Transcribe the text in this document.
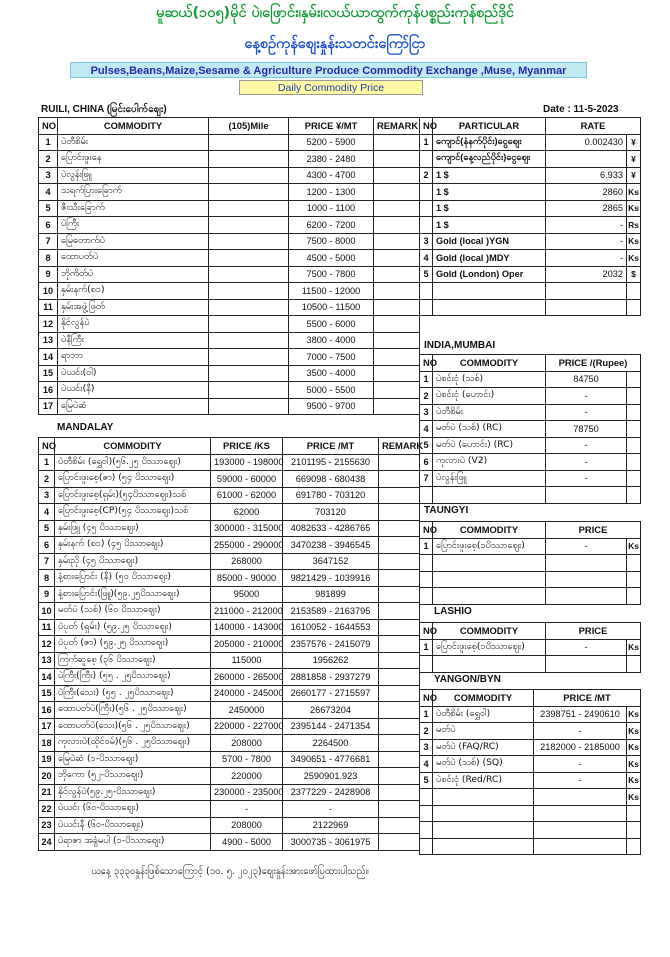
မူဆယ်(၁၀၅)မိုင် ပဲ၊ဖြောင်း၊နှမ်း၊လယ်ယာထွက်ကုန်ပစ္စည်းကုန်စည်ဒိုင်
နေ့စဉ်ကုန်စျေးနှုန်းသတင်းကြော်ငြာ
Pulses,Beans,Maize,Sesame & Agriculture Produce Commodity Exchange ,Muse, Myanmar
Daily Commodity Price
RUILI, CHINA (မြင်းပေါက်စျေး)	Date : 11-5-2023
NO	COMMODITY	(105)Mile	PRICE ¥/MT	REMARK
1	ပဲတီစိမ်း		5200 - 5900	
2	ပြောင်းဖူးနေ		2380 - 2480	
3	ပဲလွန်းဖြူ		4300 - 4700	
4	သရက်ပြားခြောက်		1200 - 1300	
5	ဇီးသီးခြောက်		1000 - 1100	
6	ပဲကြီး		6200 - 7200	
7	မြေတောက်ပဲ		7500 - 8000	
8	ထောပတ်ပဲ		4500 - 5000	
9	ဘိုကိတ်ပဲ		7500 - 7800	
10	နှမ်းနက်(စ၁)		11500 - 12000	
11	နှမ်းအဖွဲ့ဖြတ်		10500 - 11500	
12	နိုင်လွန်ပဲ		5500 - 6000	
13	ပဲနီကြီး		3800 - 4000	
14	ရာဘာ		7000 - 7500	
15	ပဲယင်း(ဝါ)		3500 - 4000	
16	ပဲယင်း(နီ)		5000 - 5500	
17	မြေပဲဆံ		9500 - 9700	
MANDALAY
NO	COMMODITY	PRICE /KS	PRICE /MT	REMARK
1	ပဲတီစိမ်း (ရွှေဝါ)(၅၆.၂၅ ပိဿာစျေး)	193000 - 198000	2101195 - 2155630	
2	ပြောင်းဖူးစေ့(ဇာ) (၅၄ ပိဿာစျေး)	59000 - 60000	669098 - 680438	
3	ပြောင်းဖူးစေ့(ရှမ်း)(၅၄ပိဿာစျေး)သစ်	61000 - 62000	691780 - 703120	
4	ပြောင်းဖူးစေ့(CP)(၅၄ ပိဿာစျေး)သစ်	62000	703120	
5	နှမ်းဖြူ (၄၅ ပိဿာစျေး)	300000 - 315000	4082633 - 4286765	
6	နှမ်းနက် (စ၁) (၄၅ ပိဿာစျေး)	255000 - 290000	3470238 - 3946545	
7	နှမ်းညို (၄၅ ပိဿာစျေး)	268000	3647152	
8	နံ့စားပြောင်း (နီ) (၅၀ ပိဿာစျေး)	85000 - 90000	9821429 - 1039916	
9	နံ့စားပြောင်း(ဖြူ)(၅၉.၂၅ပိဿာစျေး)	95000	981899	
10	မတ်ပဲ (သစ်) (၆၀ ပိဿာစျေး)	211000 - 212000	2153589 - 2163795	
11	ပဲပုတ် (ရှမ်း) (၅၉.၂၅ ပိဿာစျေး)	140000 - 143000	1610052 - 1644553	
12	ပဲပုတ် (ဇာ) (၅၉.၂၅ ပိဿာစျေး)	205000 - 210000	2357576 - 2415079	
13	ကြက်ဆူစေ့ (၃၆ ပိဿာစျေး)	115000	1956262	
14	ပဲကြီး(ကြီး) (၅၅ . ၂၅ပိဿာစျေး)	260000 - 265000	2881858 - 2937279	
15	ပဲကြီး(သေး) (၅၅ . ၂၅ပိဿာစျေး)	240000 - 245000	2660177 - 2715597	
16	ထောပတ်ပဲ(ကြီး)(၅၆ . ၂၅ပိဿာစျေး)	2450000	26673204	
17	ထောပတ်ပဲ(သေး)(၅၆ . ၂၅ပိဿာစျေး)	220000 - 227000	2395144 - 2471354	
18	ကုလားပဲ(ထိုင်ဝမ်)(၅၆ . ၂၅ပိဿာစျေး)	208000	2264500	
19	မြေပဲဆံ (၁-ပိဿာစျေး)	5700 - 7800	3490651 - 4776681	
20	ဘိုကော (၅၂-ပိဿာစျေး)	220000	2590901.923	
21	နိုင်လွန်ပဲ(၅၉.၂၅-ပိဿာစျေး)	230000 - 235000	2377229 - 2428908	
22	ပဲယင်း (၆၀-ပိဿာစျေး)	-	-	
23	ပဲယင်းနီ (၆၀-ပိဿာစျေး)	208000	2122969	
24	ပဲရာဇာ အခွံမပါ (၁-ပိဿာစျေး)	4900 - 5000	3000735 - 3061975	
ယနေ့ ၃၃၃၀နှုန်းဖြစ်သောကြောင့် (၁၀. ၅. ၂၀၂၃)စျေးနှုန်းအားဖော်ပြထားပါသည်။
NO	PARTICULAR	RATE	
1	ကျောင်(နံနက်ပိုင်း)ငွေစျေး	0.002430	¥
	ကျောင်(နေ့လည်ပိုင်း)ငွေစျေး		¥
2	1 $	6.933	¥
	1 $	2860	Ks
	1 $	2865	Ks
	1 $	-	Rs
3	Gold (local )YGN	-	Ks
4	Gold (local )MDY	-	Ks
5	Gold (London) Oper	2032	$

INDIA,MUMBAI
NO	COMMODITY	PRICE /(Rupee)	
1	ပဲစင်းငုံ (သစ်)	84750	
2	ပဲစင်းငုံ (ဟောင်း)	-	
3	ပဲတီစိမ်း	-	
4	မတ်ပဲ (သစ်) (RC)	78750	
5	မတ်ပဲ (ဟောင်း) (RC)	-	
6	ကုလားပဲ (V2)	-	
7	ပဲလွန်းဖြူ	-	

TAUNGYI
NO	COMMODITY	PRICE	
1	ပြောင်းဖူးစေ့(၁ပိဿာစျေး)	-	Ks

LASHIO
NO	COMMODITY	PRICE	
1	ပြောင်းဖူးစေ့(၁ပိဿာစျေး)	-	Ks

YANGON/BYN
NO	COMMODITY	PRICE /MT	
1	ပဲတီစိမ်း (ရွှေဝါ)	2398751 - 2490610	Ks
2	မတ်ပဲ	-	Ks
3	မတ်ပဲ (FAQ/RC)	2182000 - 2185000	Ks
4	မတ်ပဲ (သစ်) (SQ)	-	Ks
5	ပဲစင်းငုံ (Red/RC)	-	Ks
			Ks
